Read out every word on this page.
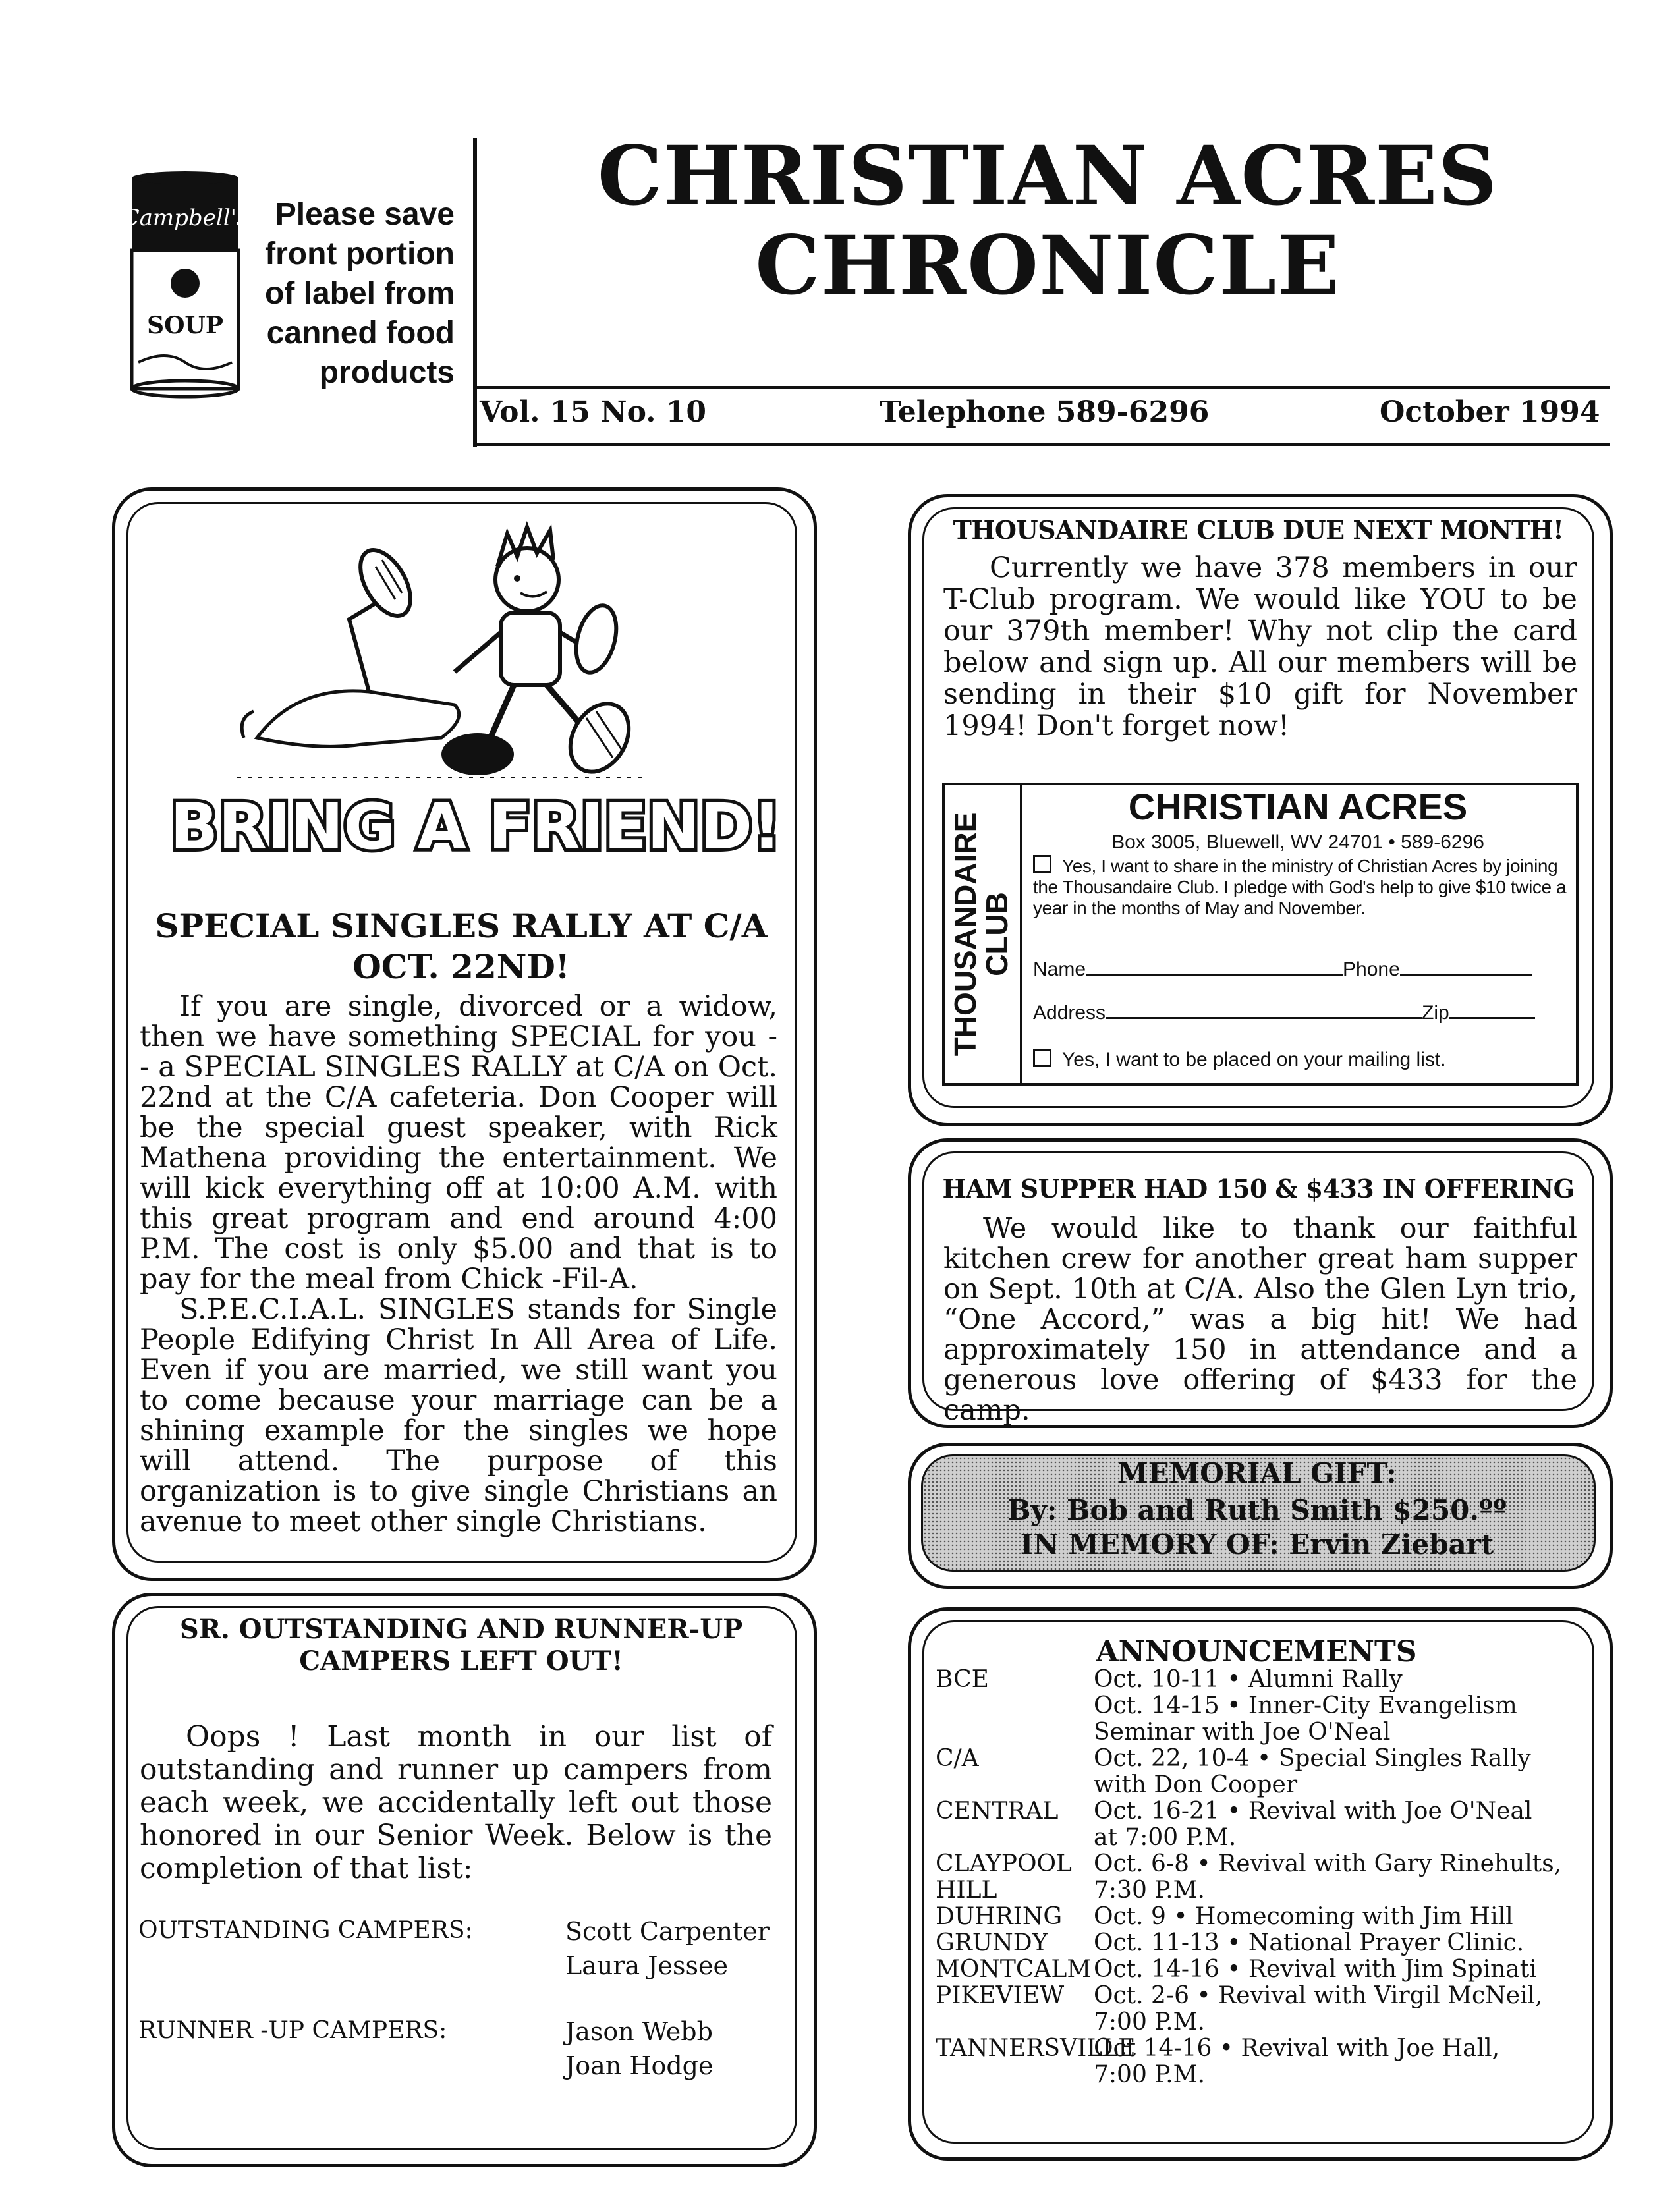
Campbell's
SOUP
Please save
front portion
of label from
canned food
products
CHRISTIAN ACRES
CHRONICLE
Vol. 15 No. 10	Telephone 589-6296	October 1994
BRING A FRIEND!
SPECIAL SINGLES RALLY AT C/A
OCT. 22ND!

If you are single, divorced or a widow, then we have something SPECIAL for you - - a SPECIAL SINGLES RALLY at C/A on Oct. 22nd at the C/A cafeteria. Don Cooper will be the special guest speaker, with Rick Mathena providing the entertainment. We will kick everything off at 10:00 A.M. with this great program and end around 4:00 P.M. The cost is only $5.00 and that is to pay for the meal from Chick -Fil-A.

S.P.E.C.I.A.L. SINGLES stands for Single People Edifying Christ In All Area of Life. Even if you are married, we still want you to come because your marriage can be a shining example for the singles we hope will attend. The purpose of this organization is to give single Christians an avenue to meet other single Christians.

THOUSANDAIRE CLUB DUE NEXT MONTH!

Currently we have 378 members in our T-Club program. We would like YOU to be our 379th member! Why not clip the card below and sign up. All our members will be sending in their $10 gift for November 1994! Don't forget now!

THOUSANDAIRE
CLUB
CHRISTIAN ACRES
Box 3005, Bluewell, WV 24701 • 589-6296
Yes, I want to share in the ministry of Christian Acres by joining the Thousandaire Club. I pledge with God's help to give $10 twice a year in the months of May and November.
Name	Phone
Address	Zip
Yes, I want to be placed on your mailing list.
HAM SUPPER HAD 150 & $433 IN OFFERING

We would like to thank our faithful kitchen crew for another great ham supper on Sept. 10th at C/A. Also the Glen Lyn trio, “One Accord,” was a big hit! We had approximately 150 in attendance and a generous love offering of $433 for the camp.

MEMORIAL GIFT:
By: Bob and Ruth Smith $250.ºº
IN MEMORY OF: Ervin Ziebart
SR. OUTSTANDING AND RUNNER-UP
CAMPERS LEFT OUT!

Oops ! Last month in our list of outstanding and runner up campers from each week, we accidentally left out those honored in our Senior Week. Below is the completion of that list:

OUTSTANDING CAMPERS:	Scott Carpenter
Laura Jessee
RUNNER -UP CAMPERS:	Jason Webb
Joan Hodge
ANNOUNCEMENTS
BCE	Oct. 10-11 • Alumni Rally
Oct. 14-15 • Inner-City Evangelism
Seminar with Joe O'Neal
C/A	Oct. 22, 10-4 • Special Singles Rally
with Don Cooper
CENTRAL	Oct. 16-21 • Revival with Joe O'Neal
at 7:00 P.M.
CLAYPOOL Oct. 6-8 • Revival with Gary Rinehults,
HILL	7:30 P.M.
DUHRING	Oct. 9 • Homecoming with Jim Hill
GRUNDY	Oct. 11-13 • National Prayer Clinic.
MONTCALM Oct. 14-16 • Revival with Jim Spinati
PIKEVIEW	Oct. 2-6 • Revival with Virgil McNeil,
7:00 P.M.
TANNERSVILLE
Oct 14-16 • Revival with Joe Hall,
7:00 P.M.
